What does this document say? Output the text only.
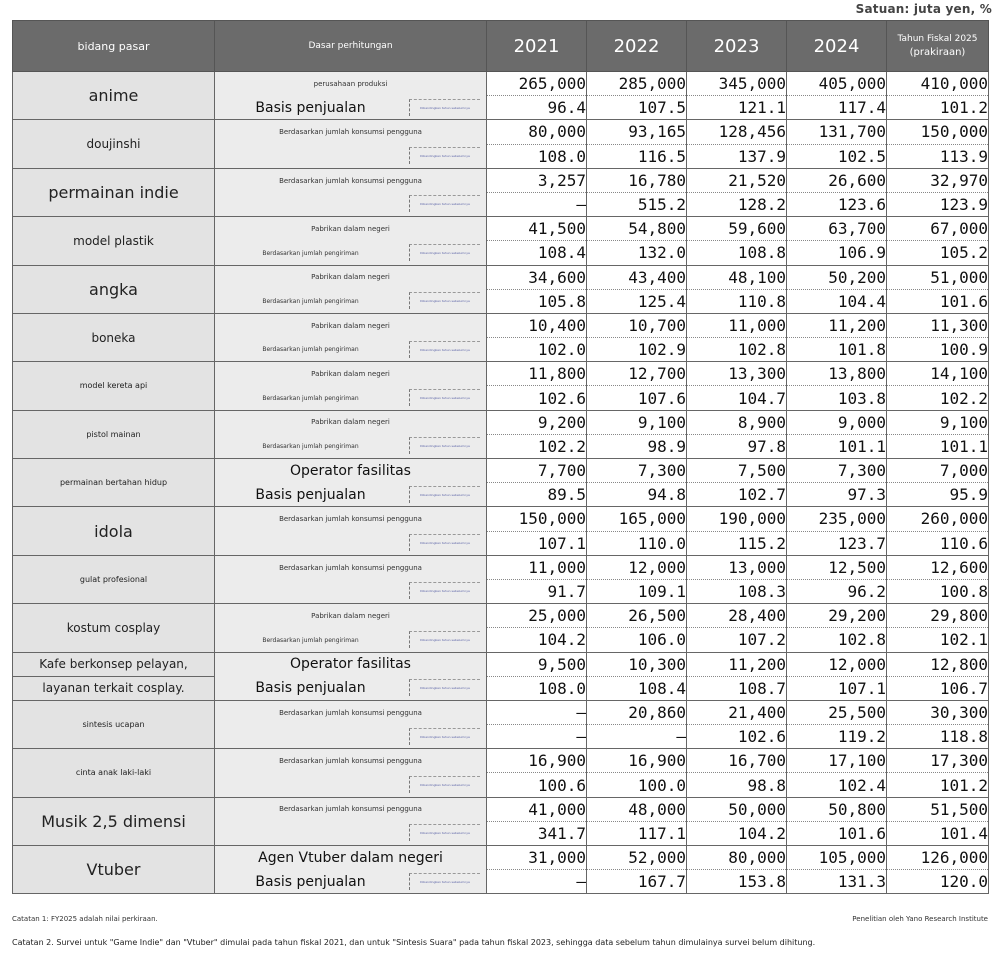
Satuan: juta yen, %
bidang pasar	Dasar perhitungan	2021	2022	2023	2024	Tahun Fiskal 2025
(prakiraan)

anime	perusahaan produksi	265,000	285,000	345,000	405,000	410,000
	Basis penjualan Dibandingkan tahun sebelumnya	96.4	107.5	121.1	117.4	101.2
doujinshi	Berdasarkan jumlah konsumsi pengguna	80,000	93,165	128,456	131,700	150,000

	Dibandingkan tahun sebelumnya	108.0	116.5	137.9	102.5	113.9
permainan indie	Berdasarkan jumlah konsumsi pengguna	3,257	16,780	21,520	26,600	32,970

	Dibandingkan tahun sebelumnya	–	515.2	128.2	123.6	123.9
model plastik	Pabrikan dalam negeri	41,500	54,800	59,600	63,700	67,000
	Berdasarkan jumlah pengiriman Dibandingkan tahun sebelumnya	108.4	132.0	108.8	106.9	105.2
angka	Pabrikan dalam negeri	34,600	43,400	48,100	50,200	51,000
	Berdasarkan jumlah pengiriman Dibandingkan tahun sebelumnya	105.8	125.4	110.8	104.4	101.6
boneka	Pabrikan dalam negeri	10,400	10,700	11,000	11,200	11,300
	Berdasarkan jumlah pengiriman Dibandingkan tahun sebelumnya	102.0	102.9	102.8	101.8	100.9
model kereta api	Pabrikan dalam negeri	11,800	12,700	13,300	13,800	14,100
	Berdasarkan jumlah pengiriman Dibandingkan tahun sebelumnya	102.6	107.6	104.7	103.8	102.2
pistol mainan	Pabrikan dalam negeri	9,200	9,100	8,900	9,000	9,100
	Berdasarkan jumlah pengiriman Dibandingkan tahun sebelumnya	102.2	98.9	97.8	101.1	101.1
permainan bertahan hidup	Operator fasilitas	7,700	7,300	7,500	7,300	7,000
	Basis penjualan Dibandingkan tahun sebelumnya	89.5	94.8	102.7	97.3	95.9
idola	Berdasarkan jumlah konsumsi pengguna	150,000	165,000	190,000	235,000	260,000

	Dibandingkan tahun sebelumnya	107.1	110.0	115.2	123.7	110.6
gulat profesional	Berdasarkan jumlah konsumsi pengguna	11,000	12,000	13,000	12,500	12,600

	Dibandingkan tahun sebelumnya	91.7	109.1	108.3	96.2	100.8
kostum cosplay	Pabrikan dalam negeri	25,000	26,500	28,400	29,200	29,800
	Berdasarkan jumlah pengiriman Dibandingkan tahun sebelumnya	104.2	106.0	107.2	102.8	102.1
Kafe berkonsep pelayan,	Operator fasilitas	9,500	10,300	11,200	12,000	12,800
layanan terkait cosplay.	Basis penjualan Dibandingkan tahun sebelumnya	108.0	108.4	108.7	107.1	106.7
sintesis ucapan	Berdasarkan jumlah konsumsi pengguna	–	20,860	21,400	25,500	30,300

	Dibandingkan tahun sebelumnya	–	–	102.6	119.2	118.8
cinta anak laki-laki	Berdasarkan jumlah konsumsi pengguna	16,900	16,900	16,700	17,100	17,300

	Dibandingkan tahun sebelumnya	100.6	100.0	98.8	102.4	101.2
Musik 2,5 dimensi	Berdasarkan jumlah konsumsi pengguna	41,000	48,000	50,000	50,800	51,500

	Dibandingkan tahun sebelumnya	341.7	117.1	104.2	101.6	101.4
Vtuber	Agen Vtuber dalam negeri	31,000	52,000	80,000	105,000	126,000
	Basis penjualan Dibandingkan tahun sebelumnya	–	167.7	153.8	131.3	120.0
Catatan 1: FY2025 adalah nilai perkiraan.	Penelitian oleh Yano Research Institute
Catatan 2. Survei untuk "Game Indie" dan "Vtuber" dimulai pada tahun fiskal 2021, dan untuk "Sintesis Suara" pada tahun fiskal 2023, sehingga data sebelum tahun dimulainya survei belum dihitung.
